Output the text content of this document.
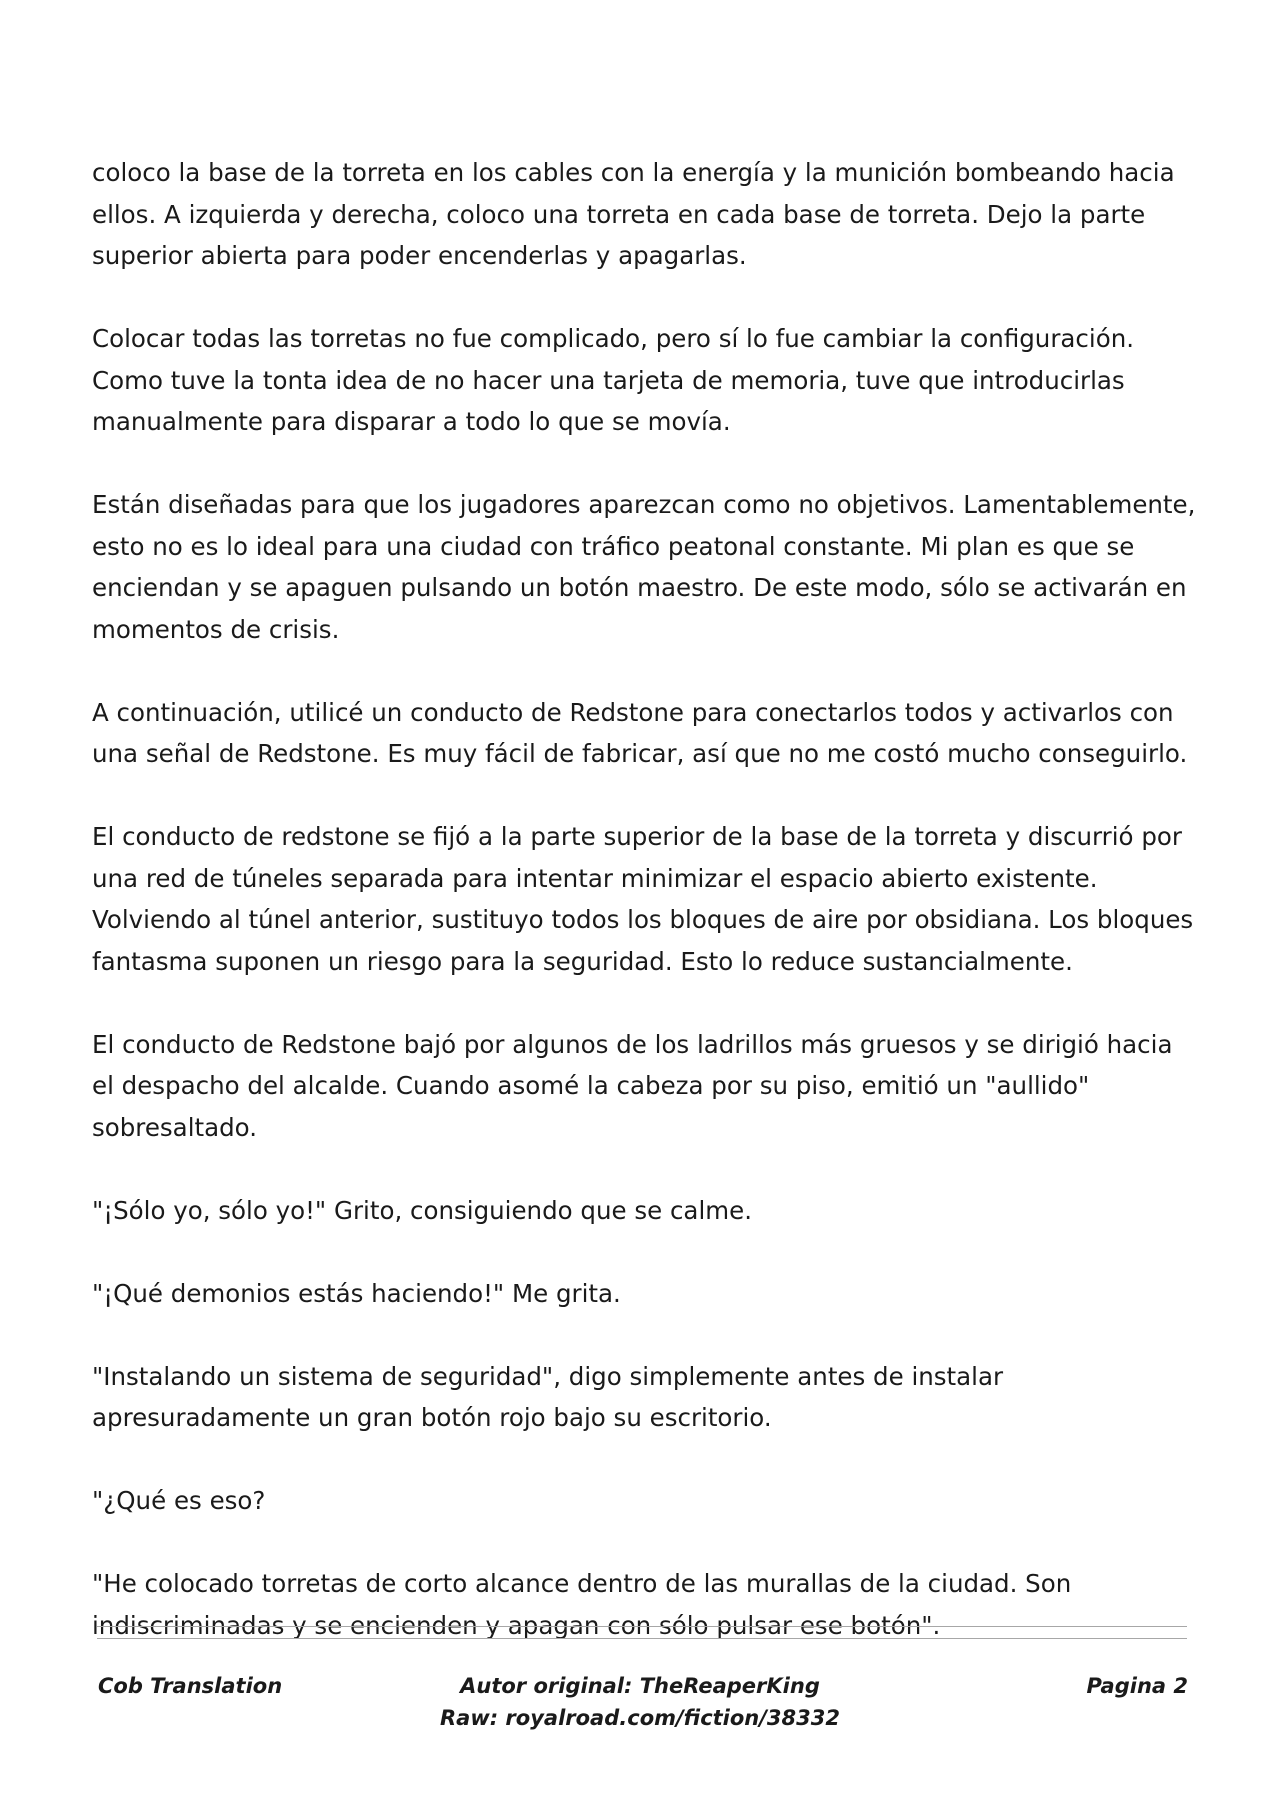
coloco la base de la torreta en los cables con la energía y la munición bombeando hacia ellos. A izquierda y derecha, coloco una torreta en cada base de torreta. Dejo la parte superior abierta para poder encenderlas y apagarlas.

Colocar todas las torretas no fue complicado, pero sí lo fue cambiar la configuración. Como tuve la tonta idea de no hacer una tarjeta de memoria, tuve que introducirlas manualmente para disparar a todo lo que se movía.

Están diseñadas para que los jugadores aparezcan como no objetivos. Lamentablemente, esto no es lo ideal para una ciudad con tráfico peatonal constante. Mi plan es que se enciendan y se apaguen pulsando un botón maestro. De este modo, sólo se activarán en momentos de crisis.

A continuación, utilicé un conducto de Redstone para conectarlos todos y activarlos con una señal de Redstone. Es muy fácil de fabricar, así que no me costó mucho conseguirlo.

El conducto de redstone se fijó a la parte superior de la base de la torreta y discurrió por una red de túneles separada para intentar minimizar el espacio abierto existente. Volviendo al túnel anterior, sustituyo todos los bloques de aire por obsidiana. Los bloques fantasma suponen un riesgo para la seguridad. Esto lo reduce sustancialmente.

El conducto de Redstone bajó por algunos de los ladrillos más gruesos y se dirigió hacia el despacho del alcalde. Cuando asomé la cabeza por su piso, emitió un "aullido" sobresaltado.

"¡Sólo yo, sólo yo!" Grito, consiguiendo que se calme.

"¡Qué demonios estás haciendo!" Me grita.

"Instalando un sistema de seguridad", digo simplemente antes de instalar apresuradamente un gran botón rojo bajo su escritorio.

"¿Qué es eso?

"He colocado torretas de corto alcance dentro de las murallas de la ciudad. Son indiscriminadas y se encienden y apagan con sólo pulsar ese botón".

Cob Translation	Autor original: TheReaperKing
Raw: royalroad.com/fiction/38332
Pagina 2
